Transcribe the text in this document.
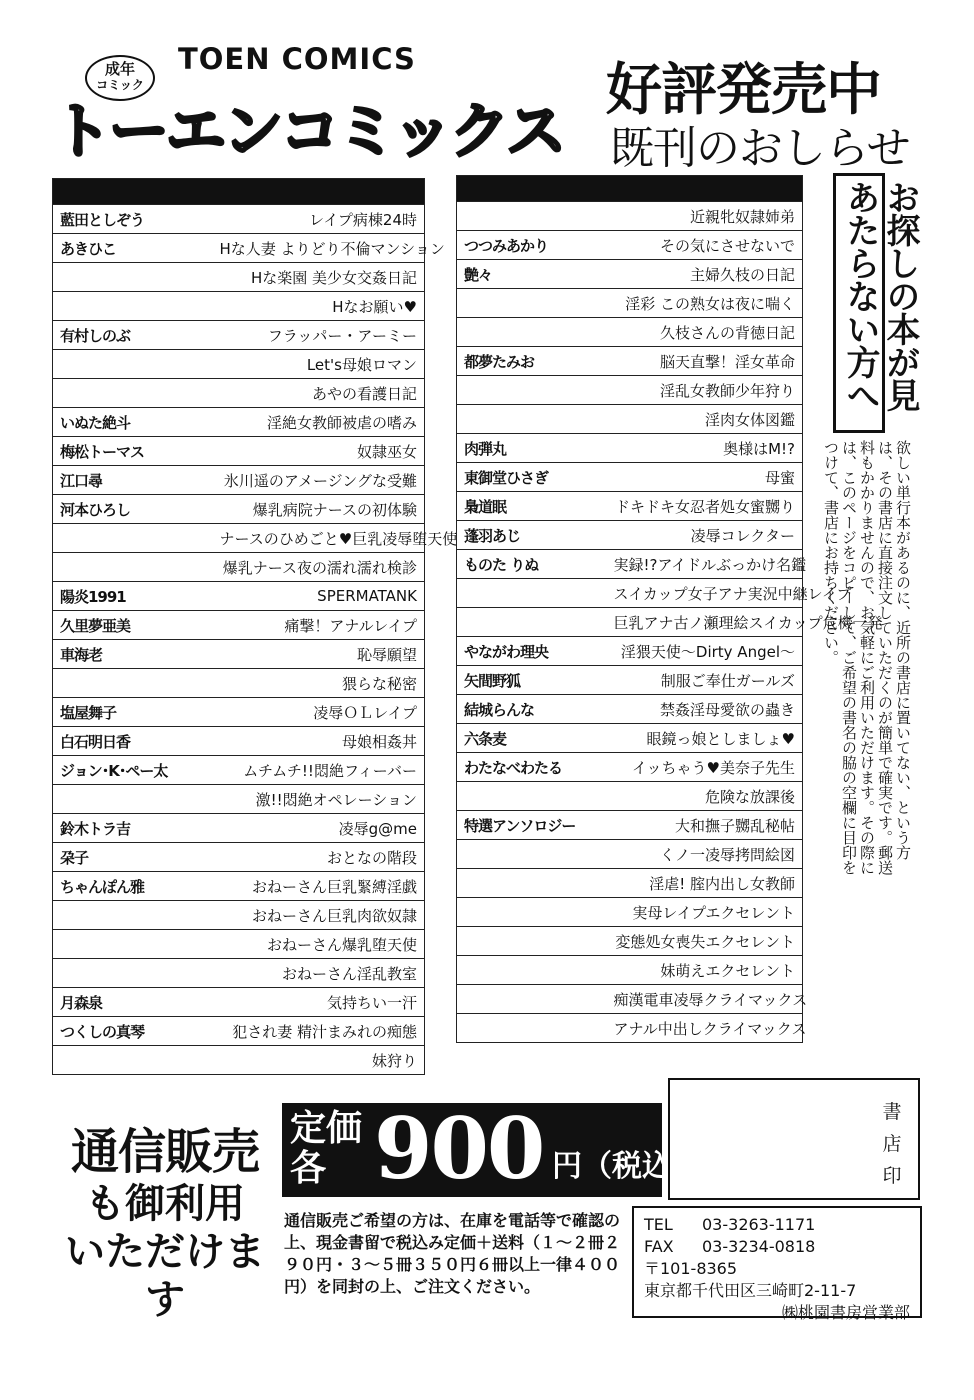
成年
コミック
TOEN COMICS
トーエンコミックス
好評発売中
既刊のおしらせ

藍田としぞう	レイプ病棟24時
あきひこ	Hな人妻 よりどり不倫マンション
	Hな楽園 美少女交姦日記
	Hなお願い♥
有村しのぶ	フラッパー・アーミー
	Let's母娘ロマン
	あやの看護日記
いぬた絶斗	淫絶女教師被虐の嗜み
梅松トーマス	奴隷巫女
江口尋	氷川遥のアメージングな受難
河本ひろし	爆乳病院ナースの初体験
	ナースのひめごと♥巨乳凌辱堕天使
	爆乳ナース夜の濡れ濡れ検診
陽炎1991	SPERMATANK
久里夢亜美	痛撃！アナルレイプ
車海老	恥辱願望
	猥らな秘密
塩屋舞子	凌辱ＯＬレイプ
白石明日香	母娘相姦丼
ジョン･K･ペー太	ムチムチ!!悶絶フィーバー
	激!!悶絶オペレーション
鈴木トラ吉	凌辱g@me
朶子	おとなの階段
ちゃんぽん雅	おねーさん巨乳緊縛淫戯
	おねーさん巨乳肉欲奴隷
	おねーさん爆乳堕天使
	おねーさん淫乱教室
月森泉	気持ちい一汗
つくしの真琴	犯され妻 精汁まみれの痴態
	妹狩り

	近親牝奴隷姉弟
つつみあかり	その気にさせないで
艶々	主婦久枝の日記
	淫彩 この熟女は夜に喘く
	久枝さんの背徳日記
都夢たみお	脳天直撃！淫女革命
	淫乱女教師少年狩り
	淫肉女体図鑑
肉弾丸	奥様はM!?
東御堂ひさぎ	母蜜
梟道眠	ドキドキ女忍者処女蜜嬲り
蓬羽あじ	凌辱コレクター
ものた りぬ	実録!?アイドルぶっかけ名鑑
	スイカップ女子アナ実況中継レイプ
	巨乳アナ古ノ瀬理絵スイカップ危機一発
やながわ理央	淫猥天使〜Dirty Angel〜
矢間野狐	制服ご奉仕ガールズ
結城らんな	禁姦淫母愛欲の蟲き
六条麦	眼鏡っ娘としましょ♥
わたなべわたる	イッちゃう♥美奈子先生
	危険な放課後
特選アンソロジー	大和撫子嬲乱秘帖
	くノ一凌辱拷問絵図
	淫虐! 腟内出し女教師
	実母レイプエクセレント
	変態処女喪失エクセレント
	妹萌えエクセレント
	痴漢電車凌辱クライマックス
	アナル中出しクライマックス
お探しの本が見あたらない方へ
欲しい単行本があるのに、近所の書店に置いてない、という方は、その書店に直接注文していただくのが簡単で確実です。郵送料もかかりませんので、お気軽にご利用いただけます。その際には、このページをコピーして、ご希望の書名の脇の空欄に目印をつけて、書店にお持ちください。
通信販売
も御利用
いただけます
定価各 900 円（税込）
通信販売ご希望の方は、在庫を電話等で確認の上、現金書留で税込み定価＋送料（１〜２冊２９０円・３〜５冊３５０円６冊以上一律４００円）を同封の上、ご注文ください。
書店印
TEL 03-3263-1171
FAX 03-3234-0818
〒101-8365
東京都千代田区三崎町2-11-7
㈱桃園書房営業部
